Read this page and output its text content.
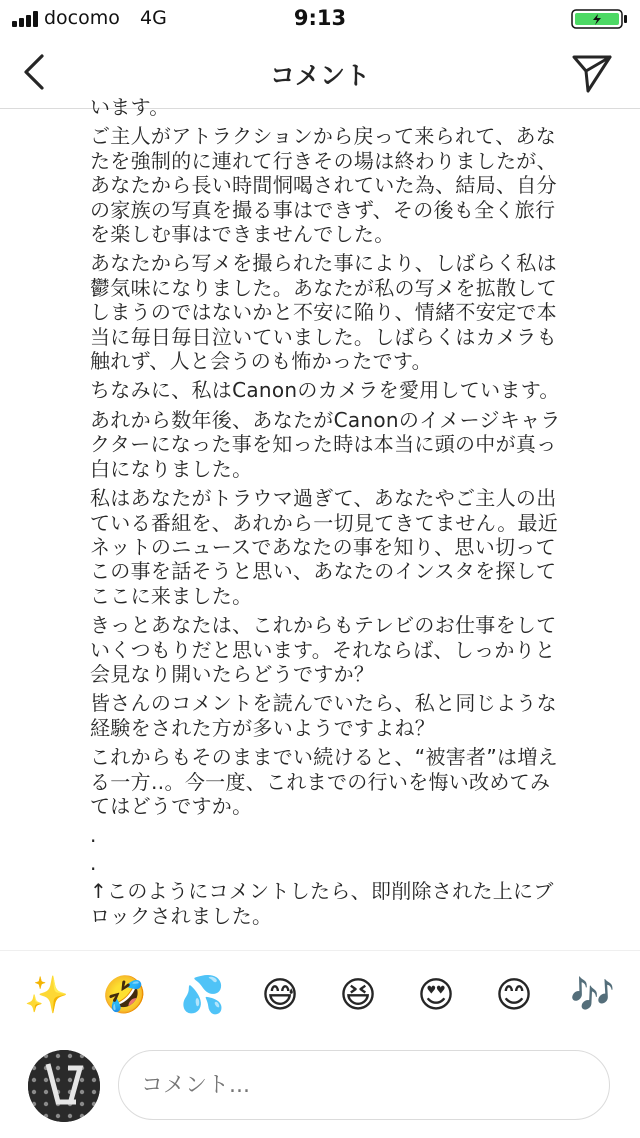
docomo 4G	9:13
コメント

います。

ご主人がアトラクションから戻って来られて、あな
たを強制的に連れて行きその場は終わりましたが、
あなたから長い時間恫喝されていた為、結局、自分
の家族の写真を撮る事はできず、その後も全く旅行
を楽しむ事はできませんでした。

あなたから写メを撮られた事により、しばらく私は
鬱気味になりました。あなたが私の写メを拡散して
しまうのではないかと不安に陥り、情緒不安定で本
当に毎日毎日泣いていました。しばらくはカメラも
触れず、人と会うのも怖かったです。

ちなみに、私はCanonのカメラを愛用しています。

あれから数年後、あなたがCanonのイメージキャラ
クターになった事を知った時は本当に頭の中が真っ
白になりました。

私はあなたがトラウマ過ぎて、あなたやご主人の出
ている番組を、あれから一切見てきてません。最近
ネットのニュースであなたの事を知り、思い切って
この事を話そうと思い、あなたのインスタを探して
ここに来ました。

きっとあなたは、これからもテレビのお仕事をして
いくつもりだと思います。それならば、しっかりと
会見なり開いたらどうですか？

皆さんのコメントを読んでいたら、私と同じような
経験をされた方が多いようですよね？

これからもそのままでい続けると、“被害者”は増え
る一方‥。今一度、これまでの行いを悔い改めてみ
てはどうですか。

.

.

↑このようにコメントしたら、即削除された上にブ
ロックされました。

✨ 🤣 💦 😅 😆 😍 😊 🎶
コメント...
